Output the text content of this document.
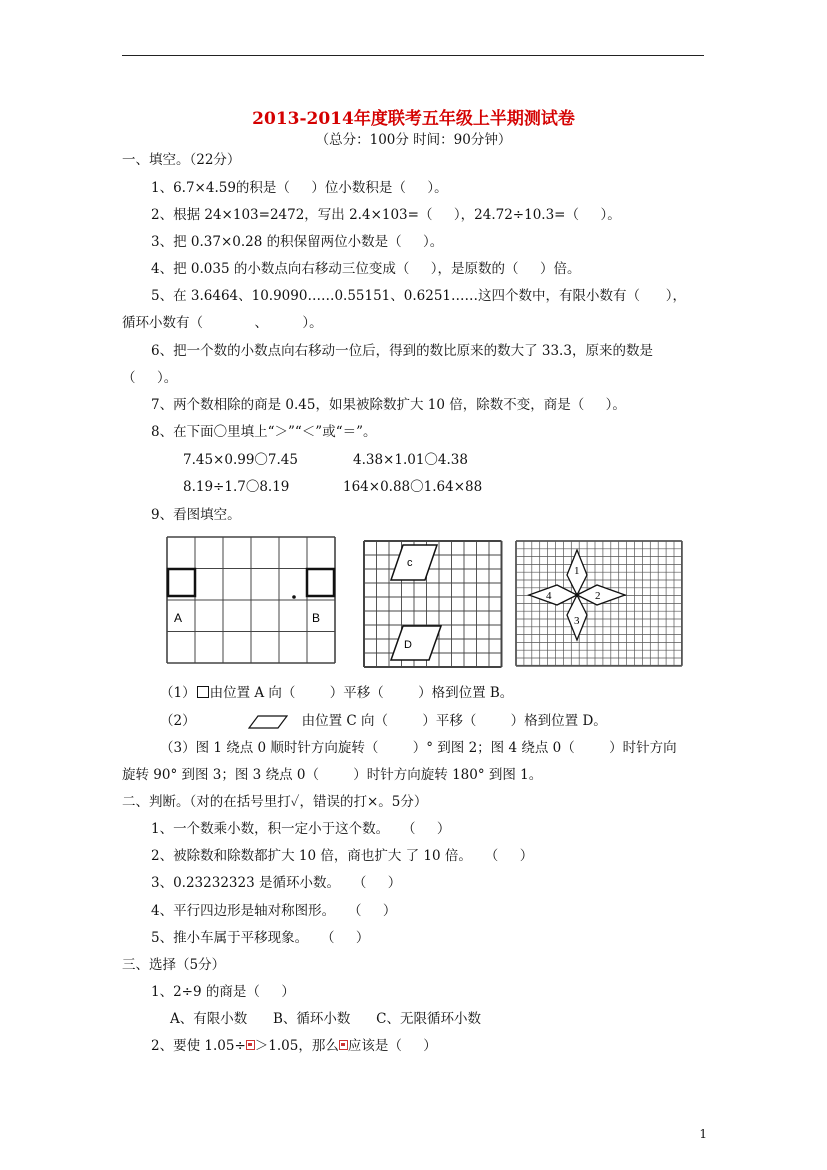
2013-2014年度联考五年级上半期测试卷
（总分：100分 时间：90分钟）
一、填空。（22分）
1、6.7×4.59的积是（     ）位小数积是（     ）。
2、根据 24×103=2472，写出 2.4×103=（     ），24.72÷10.3=（     ）。
3、把 0.37×0.28 的积保留两位小数是（     ）。
4、把 0.035 的小数点向右移动三位变成（     ），是原数的（     ）倍。
5、在 3.6464、10.9090……0.55151、0.6251……这四个数中，有限小数有（      ），
循环小数有（            、        ）。
6、把一个数的小数点向右移动一位后，得到的数比原来的数大了 33.3，原来的数是
（     ）。
7、两个数相除的商是 0.45，如果被除数扩大 10 倍，除数不变，商是（     ）。
8、在下面〇里填上“＞”“＜”或“＝”。
7.45×0.99〇7.45	4.38×1.01〇4.38
8.19÷1.7〇8.19	164×0.88〇1.64×88
9、看图填空。
A	B
c
D
1
2
3
4
（1） 由位置 A 向（        ）平移（        ）格到位置 B。
（2）	由位置 C 向（        ）平移（        ）格到位置 D。
（3）图 1 绕点 0 顺时针方向旋转（        ）° 到图 2；图 4 绕点 0（        ）时针方向
旋转 90° 到图 3；图 3 绕点 0（        ）时针方向旋转 180° 到图 1。
二、判断。（对的在括号里打✓，错误的打×。5分）
1、一个数乘小数，积一定小于这个数。   （     ）
2、被除数和除数都扩大 10 倍，商也扩大 了 10 倍。   （     ）
3、0.23232323 是循环小数。   （     ）
4、平行四边形是轴对称图形。   （     ）
5、推小车属于平移现象。   （     ）
三、选择（5分）
1、2÷9 的商是（     ）
A、有限小数      B、循环小数      C、无限循环小数
2、要使 1.05÷ ＞1.05，那么 应该是（     ）
1
